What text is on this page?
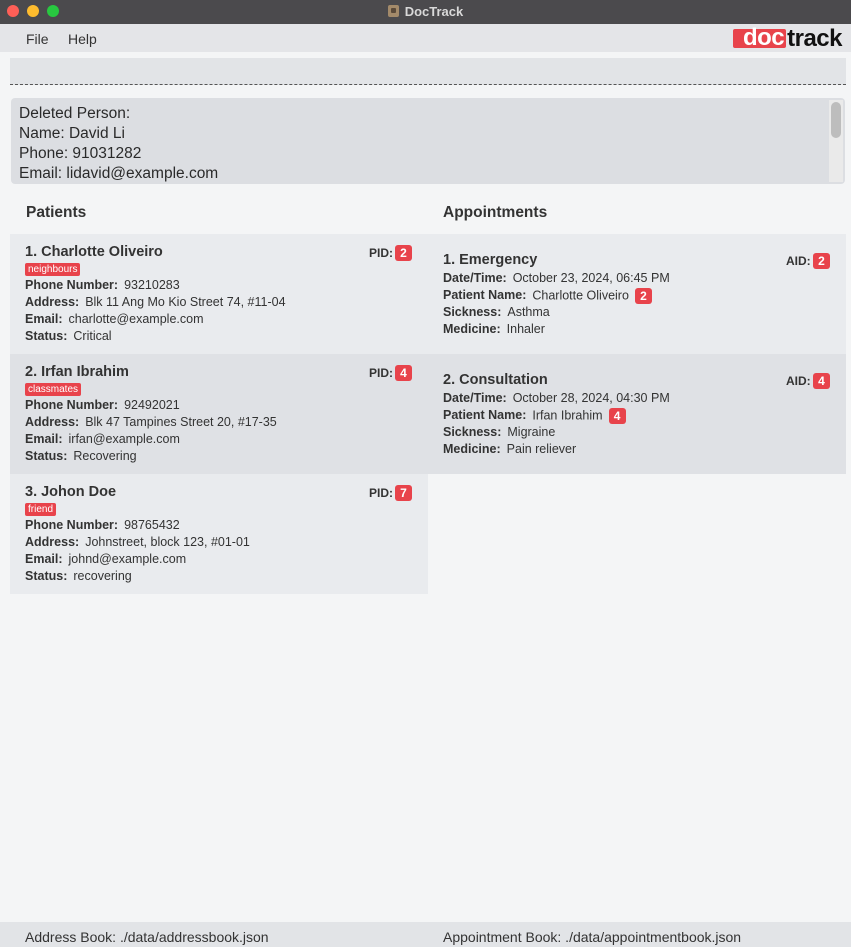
DocTrack
File Help	doc track
Deleted Person:
Name: David Li
Phone: 91031282
Email: lidavid@example.com
Patients	Appointments
1. Charlotte Oliveiro	PID: 2
neighbours
Phone Number: 93210283
Address: Blk 11 Ang Mo Kio Street 74, #11-04
Email: charlotte@example.com
Status: Critical
2. Irfan Ibrahim	PID: 4
classmates
Phone Number: 92492021
Address: Blk 47 Tampines Street 20, #17-35
Email: irfan@example.com
Status: Recovering
3. Johon Doe	PID: 7
friend
Phone Number: 98765432
Address: Johnstreet, block 123, #01-01
Email: johnd@example.com
Status: recovering
1. Emergency	AID: 2
Date/Time: October 23, 2024, 06:45 PM
Patient Name: Charlotte Oliveiro 2
Sickness: Asthma
Medicine: Inhaler
2. Consultation	AID: 4
Date/Time: October 28, 2024, 04:30 PM
Patient Name: Irfan Ibrahim 4
Sickness: Migraine
Medicine: Pain reliever
Address Book: ./data/addressbook.json	Appointment Book: ./data/appointmentbook.json
